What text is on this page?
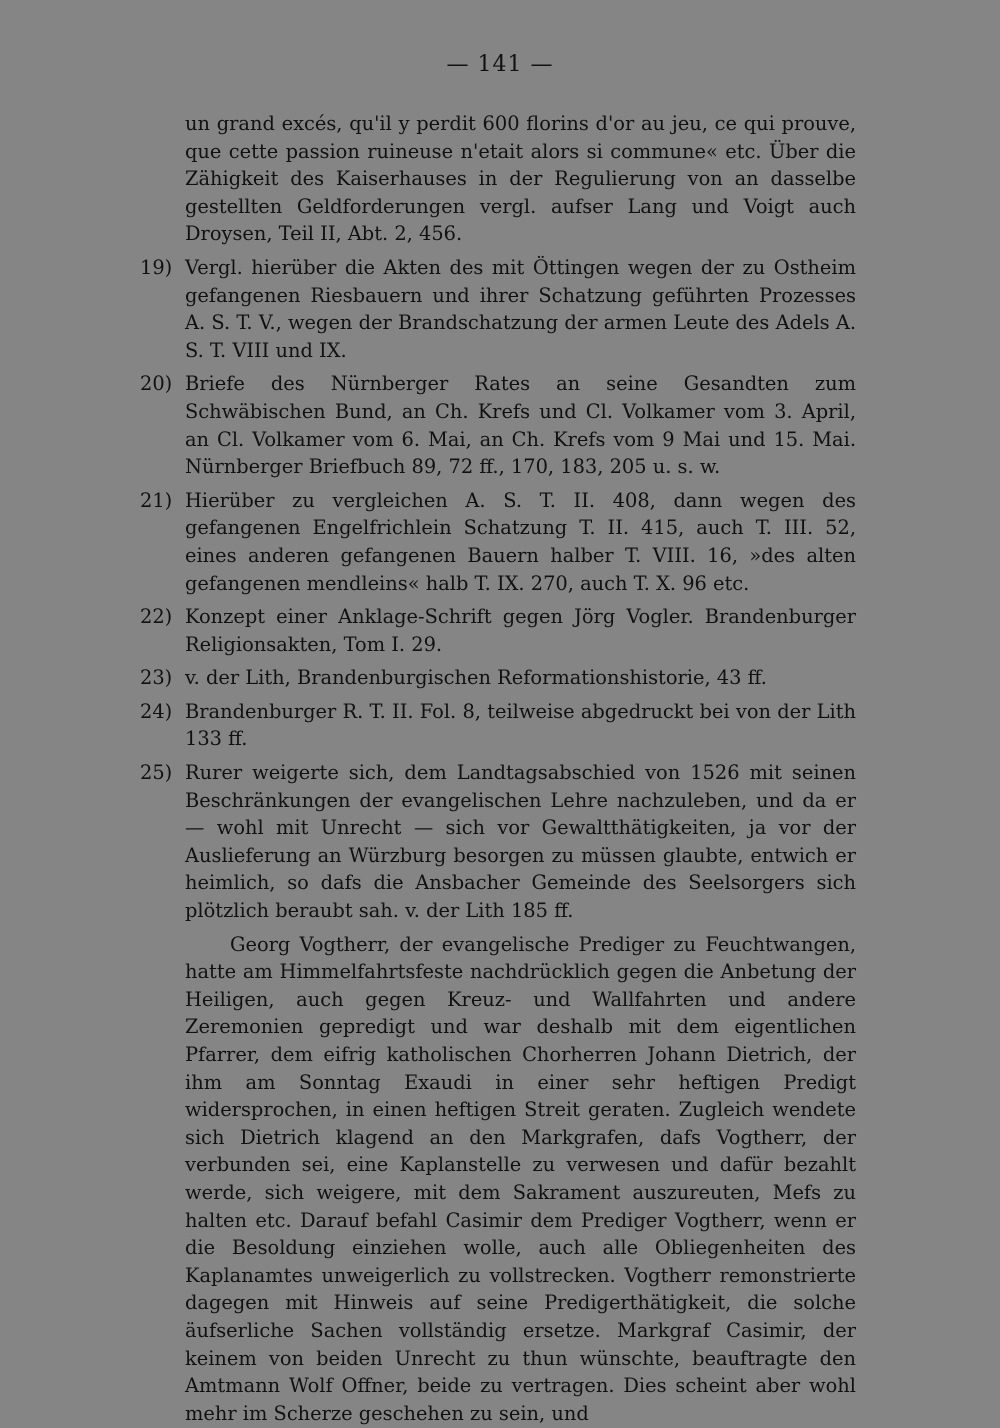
— 141 —
un grand excés, qu'il y perdit 600 florins d'or au jeu, ce qui prouve, que cette passion ruineuse n'etait alors si commune« etc. Über die Zähigkeit des Kaiserhauses in der Regulierung von an dasselbe gestellten Geldforderungen vergl. aufser Lang und Voigt auch Droysen, Teil II, Abt. 2, 456.
19) Vergl. hierüber die Akten des mit Öttingen wegen der zu Ostheim gefangenen Riesbauern und ihrer Schatzung geführten Prozesses A. S. T. V., wegen der Brandschatzung der armen Leute des Adels A. S. T. VIII und IX.
20) Briefe des Nürnberger Rates an seine Gesandten zum Schwäbischen Bund, an Ch. Krefs und Cl. Volkamer vom 3. April, an Cl. Volkamer vom 6. Mai, an Ch. Krefs vom 9 Mai und 15. Mai. Nürnberger Briefbuch 89, 72 ff., 170, 183, 205 u. s. w.
21) Hierüber zu vergleichen A. S. T. II. 408, dann wegen des gefangenen Engelfrichlein Schatzung T. II. 415, auch T. III. 52, eines anderen gefangenen Bauern halber T. VIII. 16, »des alten gefangenen mendleins« halb T. IX. 270, auch T. X. 96 etc.
22) Konzept einer Anklage-Schrift gegen Jörg Vogler. Brandenburger Religionsakten, Tom I. 29.
23) v. der Lith, Brandenburgischen Reformationshistorie, 43 ff.
24) Brandenburger R. T. II. Fol. 8, teilweise abgedruckt bei von der Lith 133 ff.
25) Rurer weigerte sich, dem Landtagsabschied von 1526 mit seinen Beschränkungen der evangelischen Lehre nachzuleben, und da er — wohl mit Unrecht — sich vor Gewaltthätigkeiten, ja vor der Auslieferung an Würzburg besorgen zu müssen glaubte, entwich er heimlich, so dafs die Ansbacher Gemeinde des Seelsorgers sich plötzlich beraubt sah. v. der Lith 185 ff.
Georg Vogtherr, der evangelische Prediger zu Feuchtwangen, hatte am Himmelfahrtsfeste nachdrücklich gegen die Anbetung der Heiligen, auch gegen Kreuz- und Wallfahrten und andere Zeremonien gepredigt und war deshalb mit dem eigentlichen Pfarrer, dem eifrig katholischen Chorherren Johann Dietrich, der ihm am Sonntag Exaudi in einer sehr heftigen Predigt widersprochen, in einen heftigen Streit geraten. Zugleich wendete sich Dietrich klagend an den Markgrafen, dafs Vogtherr, der verbunden sei, eine Kaplanstelle zu verwesen und dafür bezahlt werde, sich weigere, mit dem Sakrament auszureuten, Mefs zu halten etc. Darauf befahl Casimir dem Prediger Vogtherr, wenn er die Besoldung einziehen wolle, auch alle Obliegenheiten des Kaplanamtes unweigerlich zu vollstrecken. Vogtherr remonstrierte dagegen mit Hinweis auf seine Predigerthätigkeit, die solche äufserliche Sachen vollständig ersetze. Markgraf Casimir, der keinem von beiden Unrecht zu thun wünschte, beauftragte den Amtmann Wolf Offner, beide zu vertragen. Dies scheint aber wohl mehr im Scherze geschehen zu sein, und
